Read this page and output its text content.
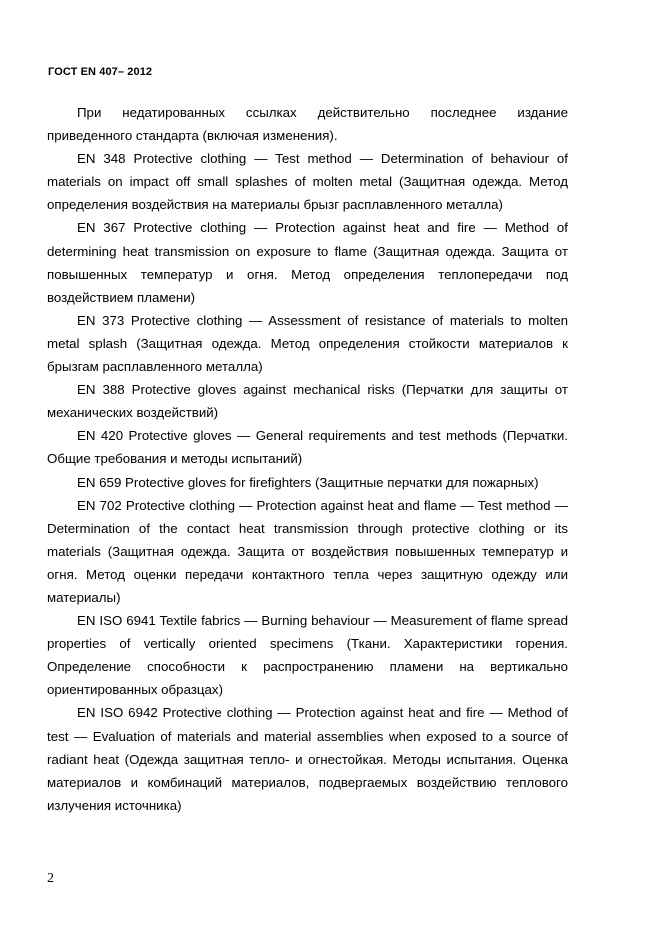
ГОСТ EN 407– 2012

При недатированных ссылках действительно последнее издание приведенного стандарта (включая изменения).

EN 348 Protective clothing — Test method — Determination of behaviour of materials on impact off small splashes of molten metal (Защитная одежда. Метод определения воздействия на материалы брызг расплавленного металла)

EN 367 Protective clothing — Protection against heat and fire — Method of determining heat transmission on exposure to flame (Защитная одежда. Защита от повышенных температур и огня. Метод определения теплопередачи под воздействием пламени)

EN 373 Protective clothing — Assessment of resistance of materials to molten metal splash (Защитная одежда. Метод определения стойкости материалов к брызгам расплавленного металла)

EN 388 Protective gloves against mechanical risks (Перчатки для защиты от механических воздействий)

EN 420 Protective gloves — General requirements and test methods (Перчатки. Общие требования и методы испытаний)

EN 659 Protective gloves for firefighters (Защитные перчатки для пожарных)

EN 702 Protective clothing — Protection against heat and flame — Test method — Determination of the contact heat transmission through protective clothing or its materials (Защитная одежда. Защита от воздействия повышенных температур и огня. Метод оценки передачи контактного тепла через защитную одежду или материалы)

EN ISO 6941 Textile fabrics — Burning behaviour — Measurement of flame spread properties of vertically oriented specimens (Ткани. Характеристики горения. Определение способности к распространению пламени на вертикально ориентированных образцах)

EN ISO 6942 Protective clothing — Protection against heat and fire — Method of test — Evaluation of materials and material assemblies when exposed to a source of radiant heat (Одежда защитная тепло- и огнестойкая. Методы испытания. Оценка материалов и комбинаций материалов, подвергаемых воздействию теплового излучения источника)

2
